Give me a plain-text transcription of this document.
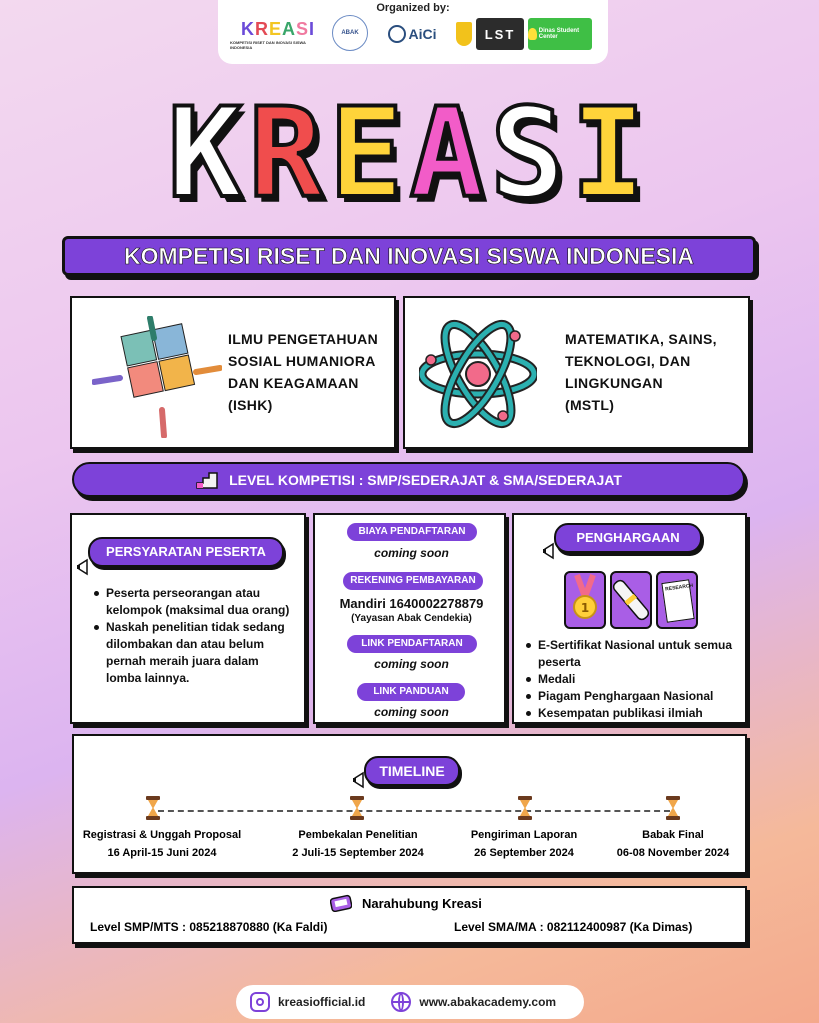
Organized by:
KREASI
KOMPETISI RISET DAN INOVASI SISWA INDONESIA
ABAK	AiCi	LST	Dinas Student Center
KREASI
KOMPETISI RISET DAN INOVASI SISWA INDONESIA
ILMU PENGETAHUAN
SOSIAL HUMANIORA
DAN KEAGAMAAN
(ISHK)
MATEMATIKA, SAINS,
TEKNOLOGI, DAN
LINGKUNGAN
(MSTL)
LEVEL KOMPETISI : SMP/SEDERAJAT & SMA/SEDERAJAT
PERSYARATAN PESERTA
Peserta perseorangan atau kelompok (maksimal dua orang)
Naskah penelitian tidak sedang dilombakan dan atau belum pernah meraih juara dalam lomba lainnya.
BIAYA PENDAFTARAN
coming soon
REKENING PEMBAYARAN
Mandiri 1640002278879
(Yayasan Abak Cendekia)
LINK PENDAFTARAN
coming soon
LINK PANDUAN
coming soon
PENGHARGAAN
1
RESEARCH
E-Sertifikat Nasional untuk semua peserta
Medali
Piagam Penghargaan Nasional
Kesempatan publikasi ilmiah
TIMELINE
Registrasi & Unggah Proposal
16 April-15 Juni 2024
Pembekalan Penelitian
2 Juli-15 September 2024
Pengiriman Laporan
26 September 2024
Babak Final
06-08 November 2024
Narahubung Kreasi
Level SMP/MTS : 085218870880 (Ka Faldi)	Level SMA/MA : 082112400987 (Ka Dimas)
kreasiofficial.id	www.abakacademy.com
